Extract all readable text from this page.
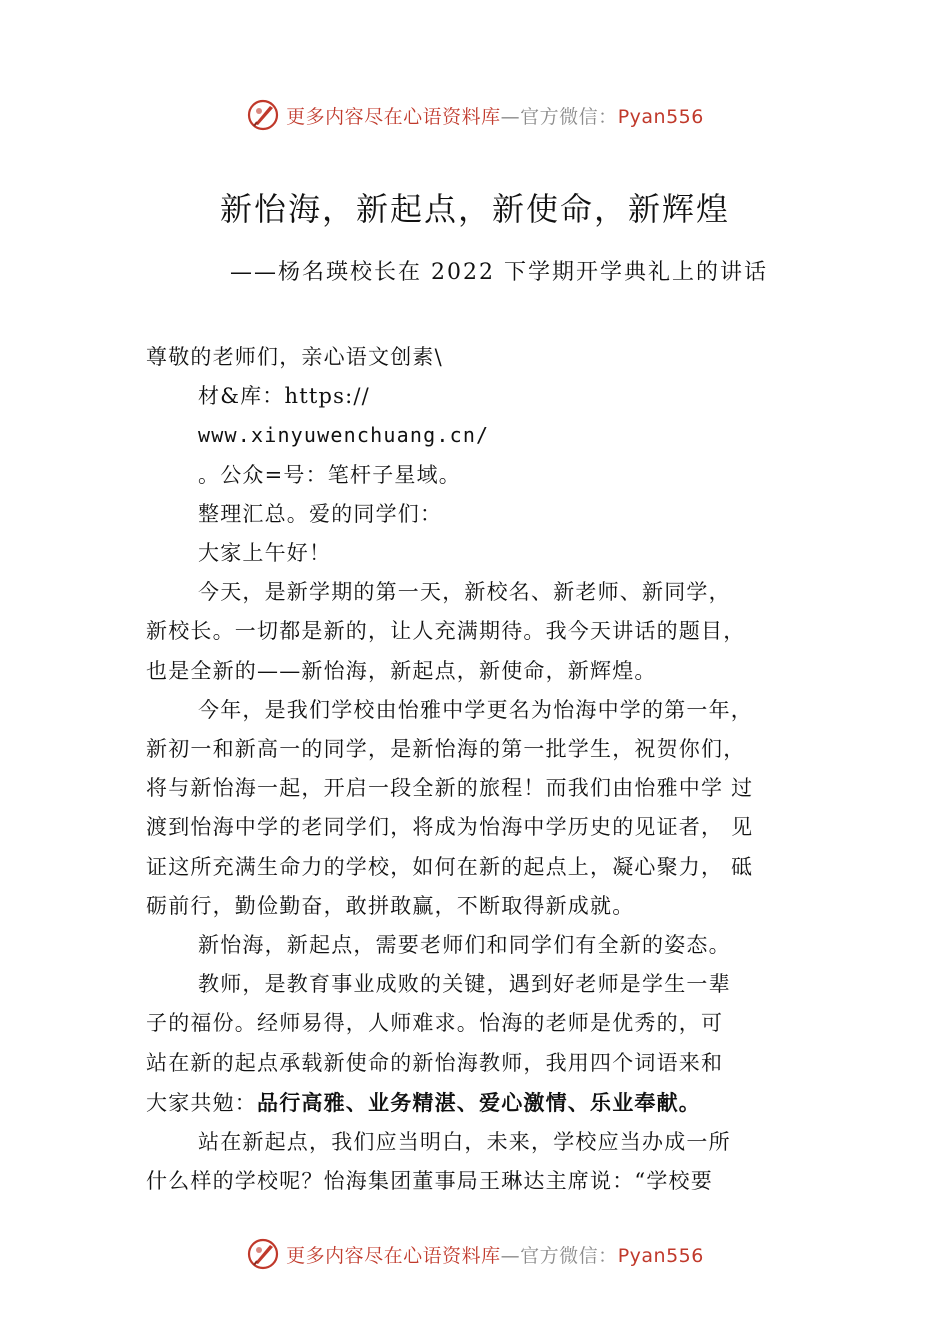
更多内容尽在心语资料库—官方微信：Pyan556
新怡海，新起点，新使命，新辉煌
——杨名瑛校长在 2022 下学期开学典礼上的讲话

尊敬的老师们，亲心语文创素\

材&库：https://

www.xinyuwenchuang.cn/

。公众=号：笔杆子星域。

整理汇总。爱的同学们：

大家上午好！

今天，是新学期的第一天，新校名、新老师、新同学，

新校长。一切都是新的，让人充满期待。我今天讲话的题目，

也是全新的——新怡海，新起点，新使命，新辉煌。

今年，是我们学校由怡雅中学更名为怡海中学的第一年，

新初一和新高一的同学，是新怡海的第一批学生，祝贺你们，

将与新怡海一起，开启一段全新的旅程！而我们由怡雅中学 过

渡到怡海中学的老同学们，将成为怡海中学历史的见证者， 见

证这所充满生命力的学校，如何在新的起点上，凝心聚力， 砥

砺前行，勤俭勤奋，敢拼敢赢，不断取得新成就。

新怡海，新起点，需要老师们和同学们有全新的姿态。

教师，是教育事业成败的关键，遇到好老师是学生一辈

子的福份。经师易得，人师难求。怡海的老师是优秀的，可

站在新的起点承载新使命的新怡海教师，我用四个词语来和

大家共勉：品行高雅、业务精湛、爱心激情、乐业奉献。

站在新起点，我们应当明白，未来，学校应当办成一所

什么样的学校呢？怡海集团董事局王琳达主席说：“学校要

更多内容尽在心语资料库—官方微信：Pyan556
